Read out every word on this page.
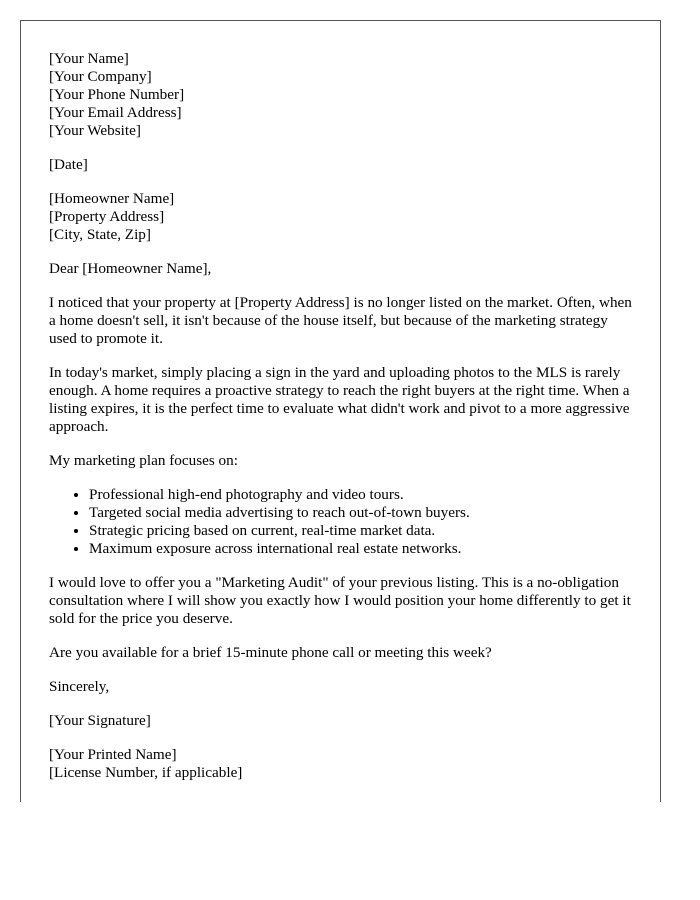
[Your Name]
[Your Company]
[Your Phone Number]
[Your Email Address]
[Your Website]

[Date]

[Homeowner Name]
[Property Address]
[City, State, Zip]

Dear [Homeowner Name],

I noticed that your property at [Property Address] is no longer listed on the market. Often, when a home doesn't sell, it isn't because of the house itself, but because of the marketing strategy used to promote it.

In today's market, simply placing a sign in the yard and uploading photos to the MLS is rarely enough. A home requires a proactive strategy to reach the right buyers at the right time. When a listing expires, it is the perfect time to evaluate what didn't work and pivot to a more aggressive approach.

My marketing plan focuses on:

• Professional high-end photography and video tours.
• Targeted social media advertising to reach out-of-town buyers.
• Strategic pricing based on current, real-time market data.
• Maximum exposure across international real estate networks.

I would love to offer you a "Marketing Audit" of your previous listing. This is a no-obligation consultation where I will show you exactly how I would position your home differently to get it sold for the price you deserve.

Are you available for a brief 15-minute phone call or meeting this week?

Sincerely,

[Your Signature]

[Your Printed Name]
[License Number, if applicable]
